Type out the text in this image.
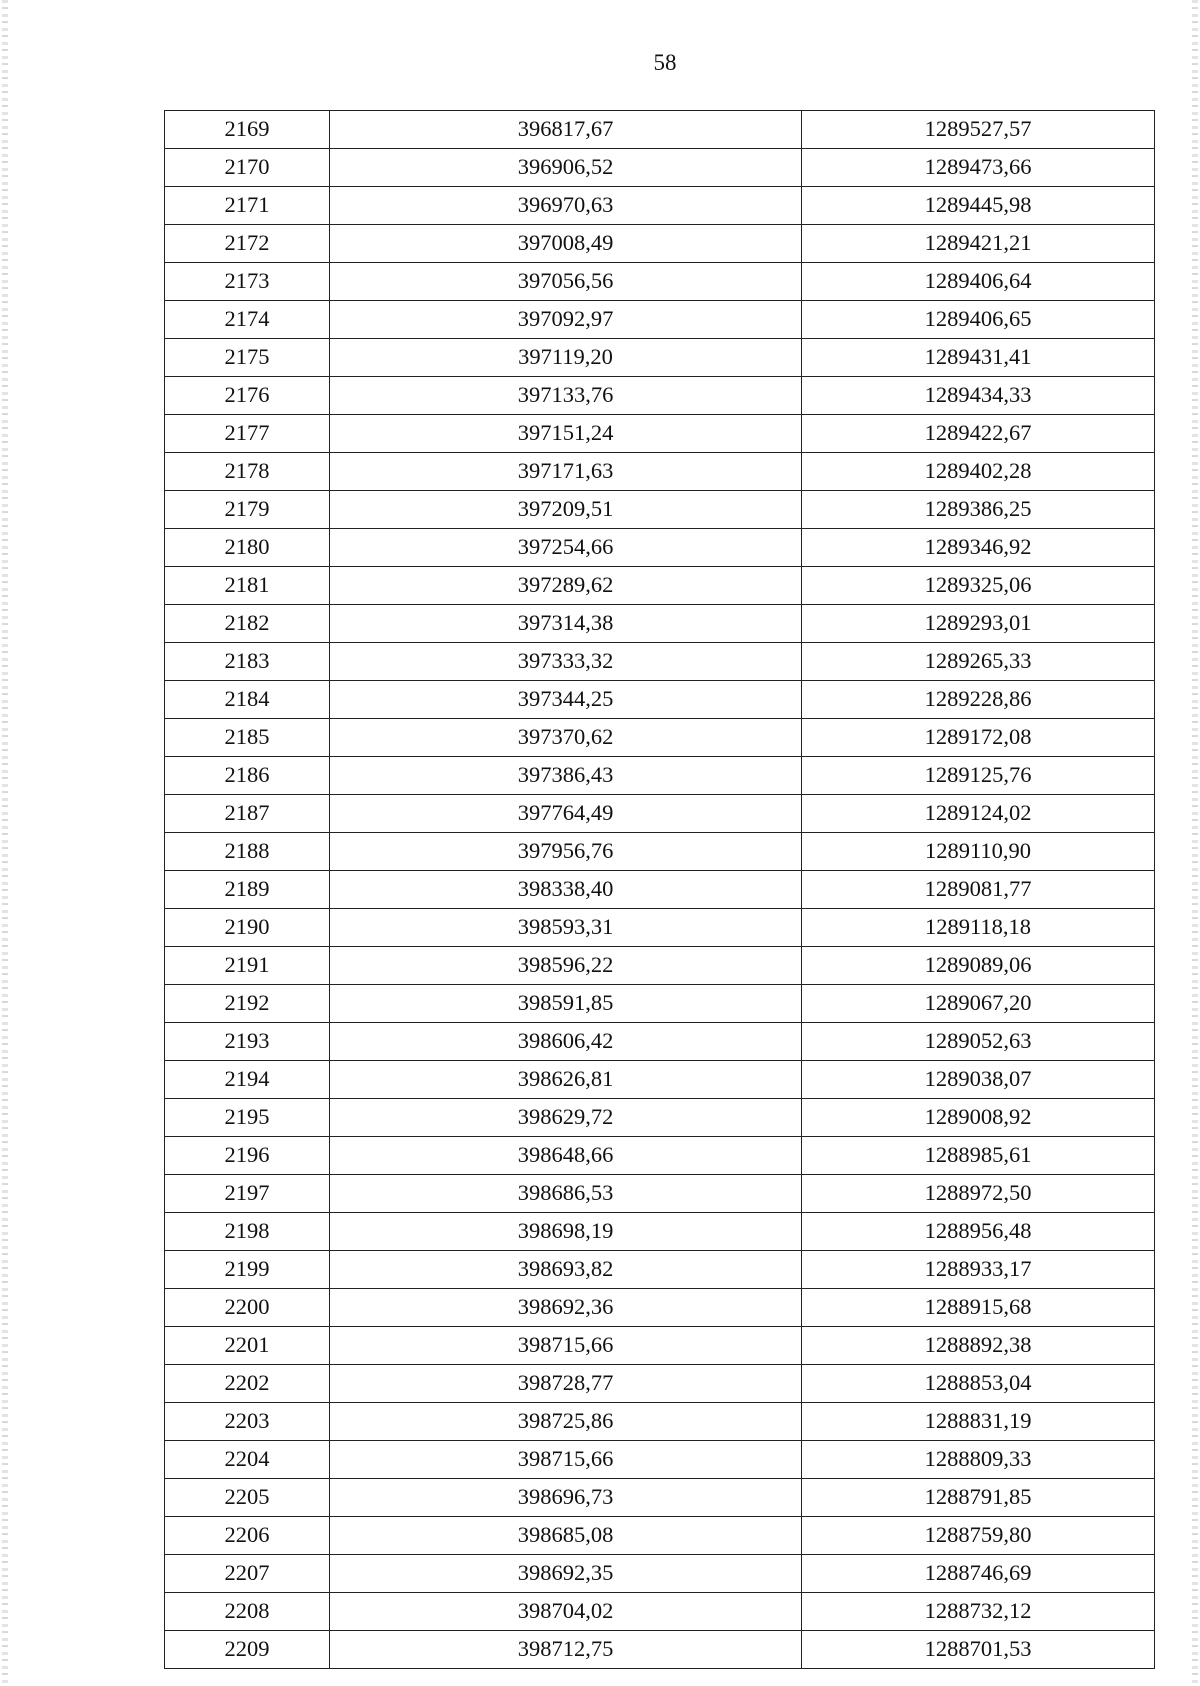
58
2169	396817,67	1289527,57
2170	396906,52	1289473,66
2171	396970,63	1289445,98
2172	397008,49	1289421,21
2173	397056,56	1289406,64
2174	397092,97	1289406,65
2175	397119,20	1289431,41
2176	397133,76	1289434,33
2177	397151,24	1289422,67
2178	397171,63	1289402,28
2179	397209,51	1289386,25
2180	397254,66	1289346,92
2181	397289,62	1289325,06
2182	397314,38	1289293,01
2183	397333,32	1289265,33
2184	397344,25	1289228,86
2185	397370,62	1289172,08
2186	397386,43	1289125,76
2187	397764,49	1289124,02
2188	397956,76	1289110,90
2189	398338,40	1289081,77
2190	398593,31	1289118,18
2191	398596,22	1289089,06
2192	398591,85	1289067,20
2193	398606,42	1289052,63
2194	398626,81	1289038,07
2195	398629,72	1289008,92
2196	398648,66	1288985,61
2197	398686,53	1288972,50
2198	398698,19	1288956,48
2199	398693,82	1288933,17
2200	398692,36	1288915,68
2201	398715,66	1288892,38
2202	398728,77	1288853,04
2203	398725,86	1288831,19
2204	398715,66	1288809,33
2205	398696,73	1288791,85
2206	398685,08	1288759,80
2207	398692,35	1288746,69
2208	398704,02	1288732,12
2209	398712,75	1288701,53
